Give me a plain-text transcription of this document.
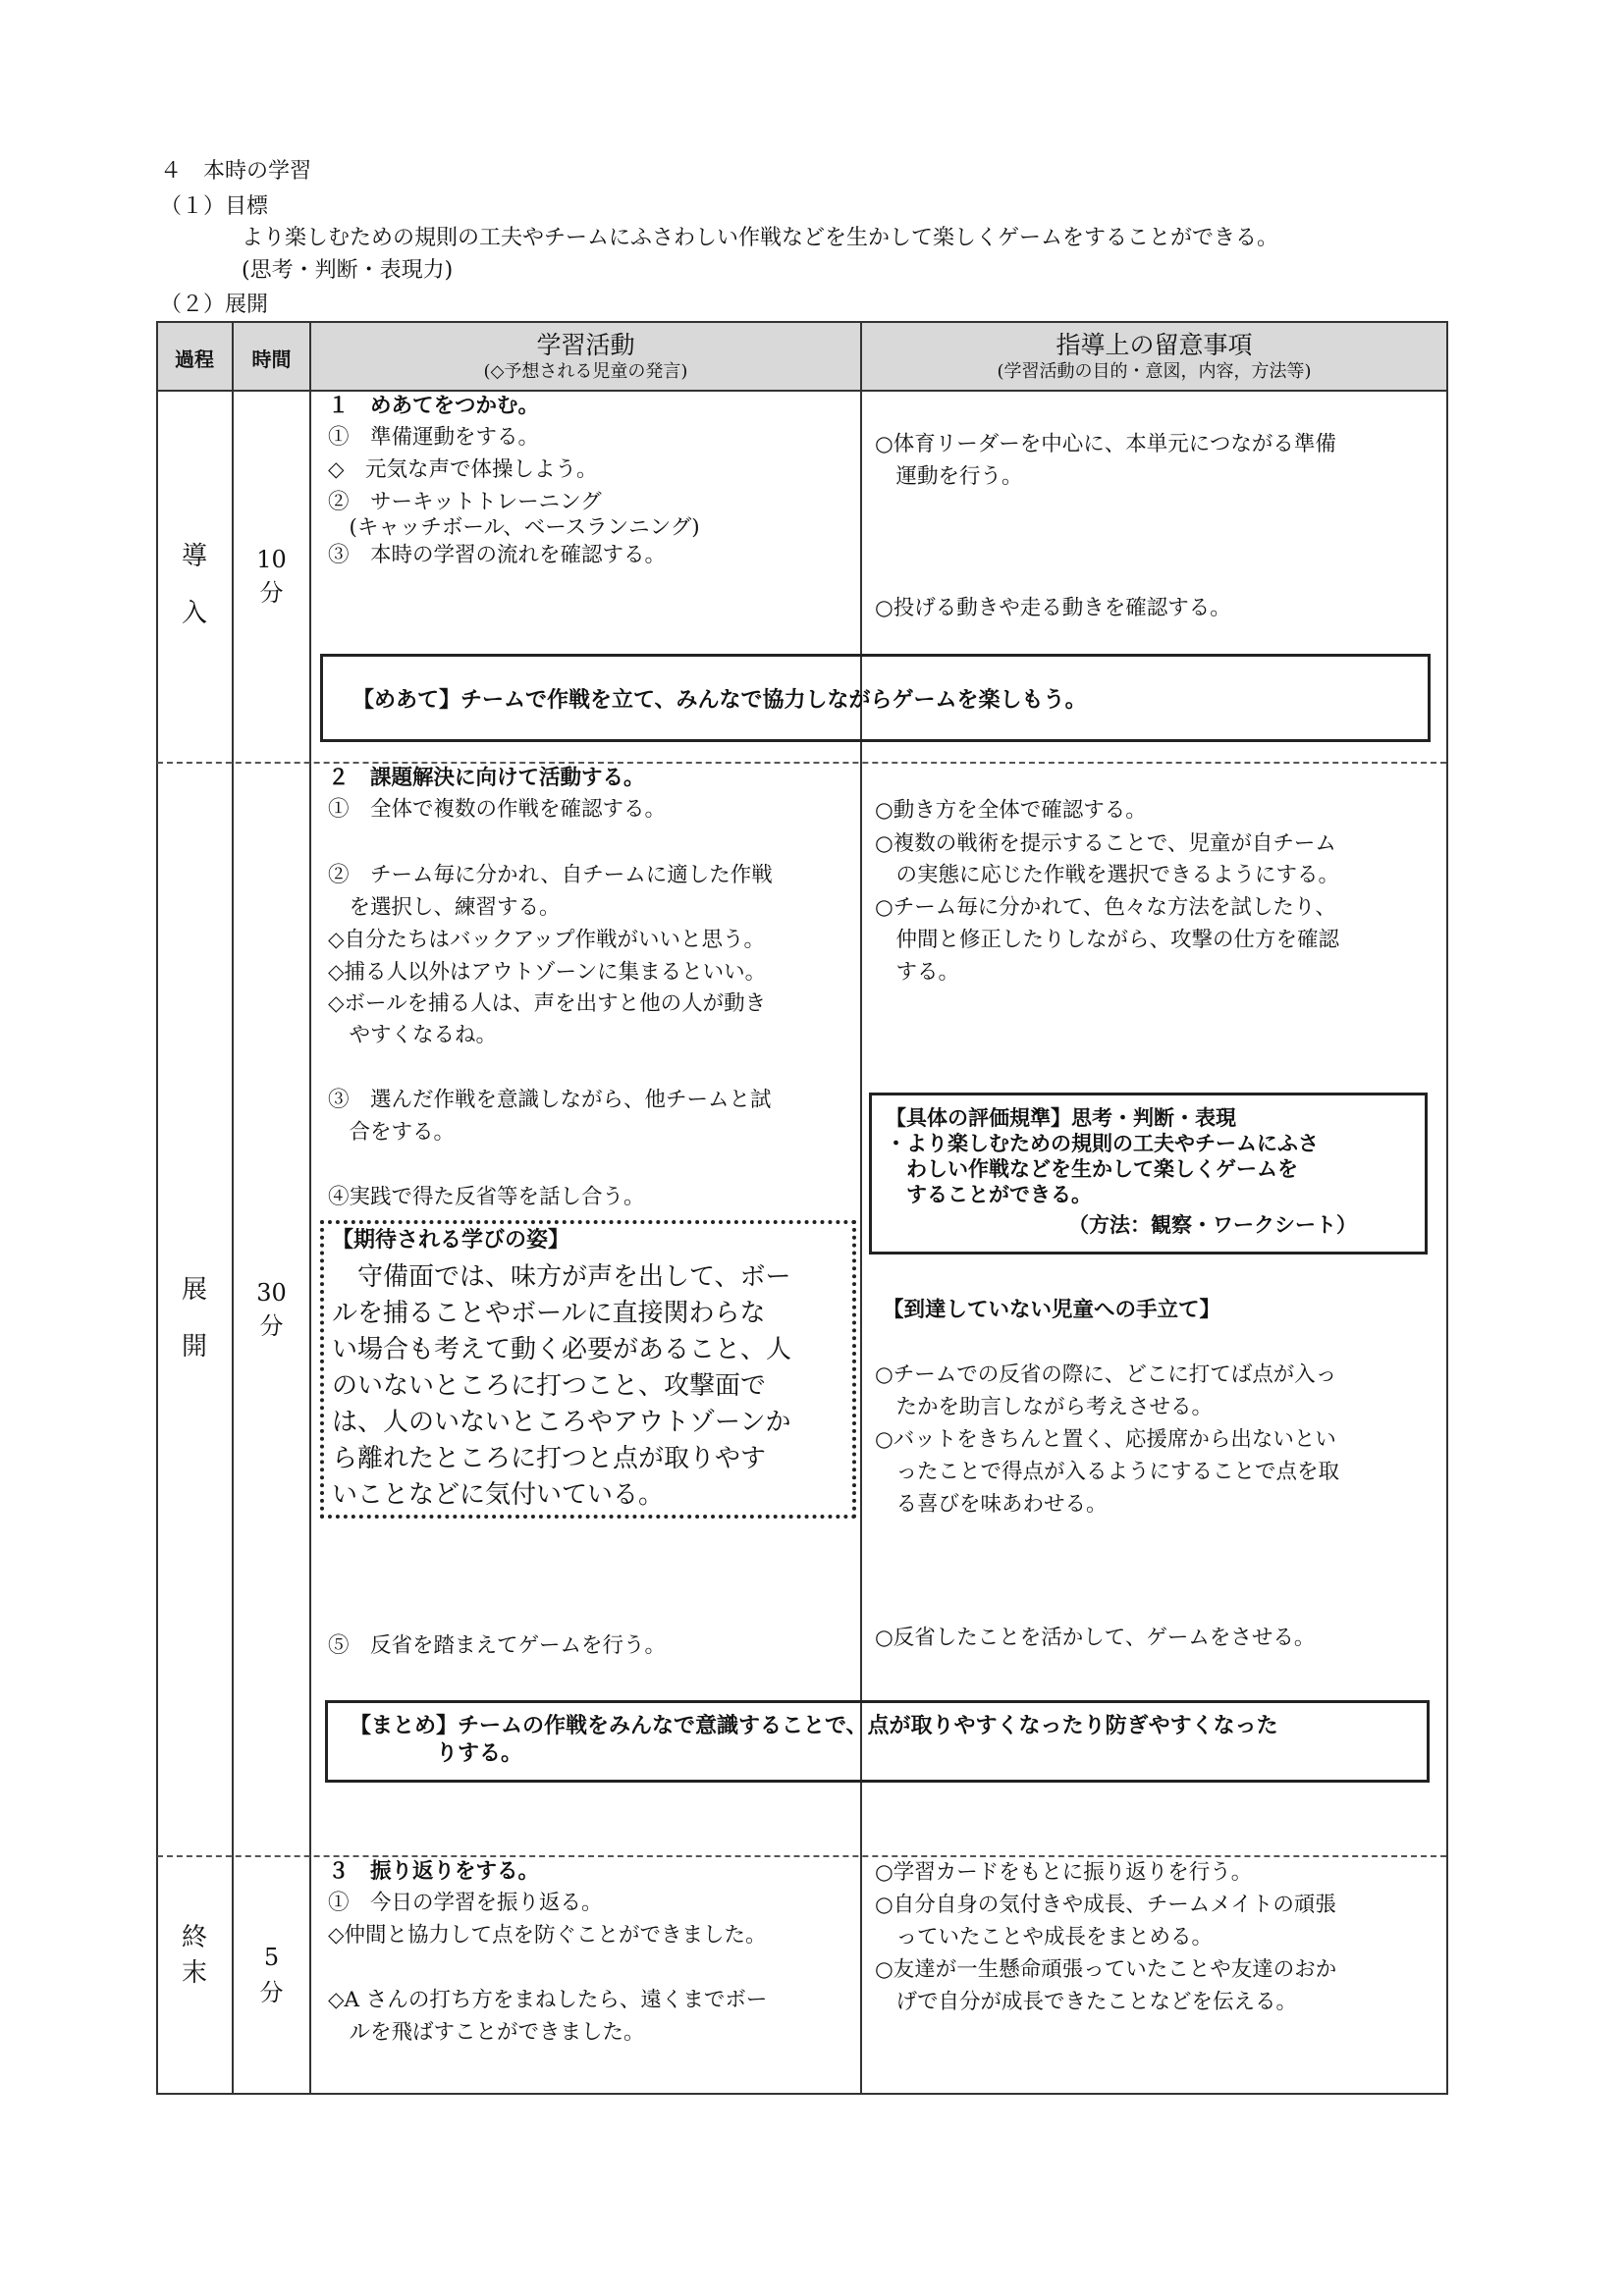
４　本時の学習
（１）目標
より楽しむための規則の工夫やチームにふさわしい作戦などを生かして楽しくゲームをすることができる。
(思考・判断・表現力)
（２）展開
過程	時間	学習活動
(◇予想される児童の発言)
指導上の留意事項
(学習活動の目的・意図，内容，方法等)
導
入
10
分
１　めあてをつかむ。
①　準備運動をする。
◇　元気な声で体操しよう。
②　サーキットトレーニング
　(キャッチボール、ベースランニング)
③　本時の学習の流れを確認する。
○体育リーダーを中心に、本単元につながる準備
　運動を行う。
○投げる動きや走る動きを確認する。
【めあて】チームで作戦を立て、みんなで協力しながらゲームを楽しもう。
展
開
30
分
２　課題解決に向けて活動する。
①　全体で複数の作戦を確認する。
②　チーム毎に分かれ、自チームに適した作戦
　を選択し、練習する。
◇自分たちはバックアップ作戦がいいと思う。
◇捕る人以外はアウトゾーンに集まるといい。
◇ボールを捕る人は、声を出すと他の人が動き
　やすくなるね。
③　選んだ作戦を意識しながら、他チームと試
　合をする。
④実践で得た反省等を話し合う。
⑤　反省を踏まえてゲームを行う。
【期待される学びの姿】
　守備面では、味方が声を出して、ボー
ルを捕ることやボールに直接関わらな
い場合も考えて動く必要があること、人
のいないところに打つこと、攻撃面で
は、人のいないところやアウトゾーンか
ら離れたところに打つと点が取りやす
いことなどに気付いている。
○動き方を全体で確認する。
○複数の戦術を提示することで、児童が自チーム
　の実態に応じた作戦を選択できるようにする。
○チーム毎に分かれて、色々な方法を試したり、
　仲間と修正したりしながら、攻撃の仕方を確認
　する。
【具体の評価規準】思考・判断・表現
・より楽しむための規則の工夫やチームにふさ
　わしい作戦などを生かして楽しくゲームを
　することができる。
（方法：観察・ワークシート）
【到達していない児童への手立て】
○チームでの反省の際に、どこに打てば点が入っ
　たかを助言しながら考えさせる。
○バットをきちんと置く、応援席から出ないとい
　ったことで得点が入るようにすることで点を取
　る喜びを味あわせる。
○反省したことを活かして、ゲームをさせる。
【まとめ】チームの作戦をみんなで意識することで、点が取りやすくなったり防ぎやすくなった
　　　　りする。
終
末
5
分
３　振り返りをする。
①　今日の学習を振り返る。
◇仲間と協力して点を防ぐことができました。
◇A さんの打ち方をまねしたら、遠くまでボー
　ルを飛ばすことができました。
○学習カードをもとに振り返りを行う。
○自分自身の気付きや成長、チームメイトの頑張
　っていたことや成長をまとめる。
○友達が一生懸命頑張っていたことや友達のおか
　げで自分が成長できたことなどを伝える。
